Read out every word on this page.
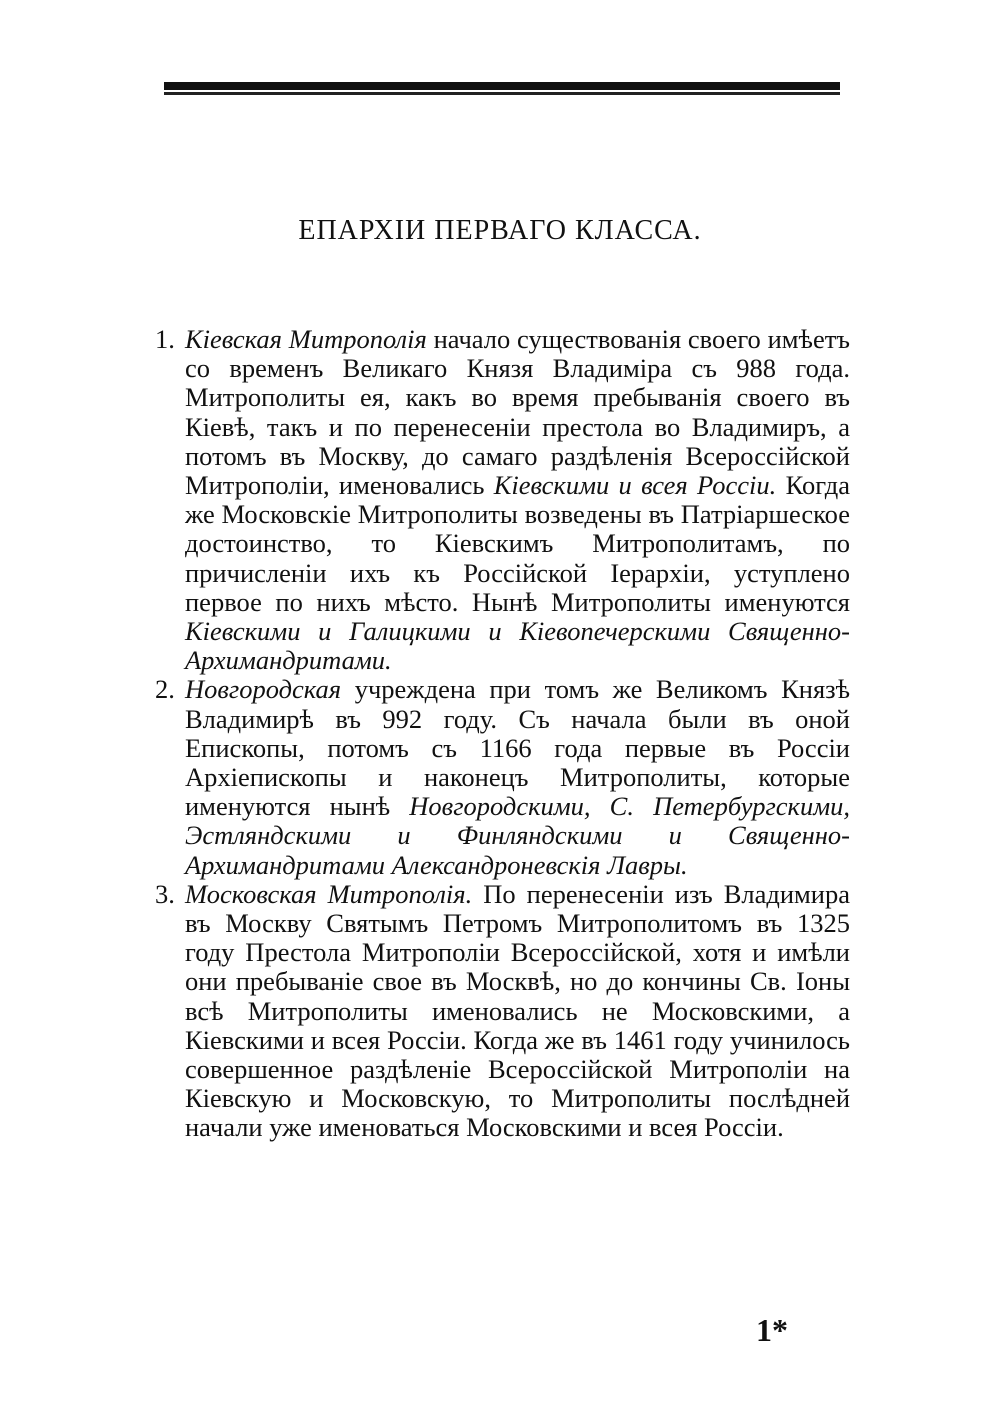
ЕПАРХІИ ПЕРВАГО КЛАССА.
1. Кiевская Митрополiя начало существованiя своего имѣетъ со временъ Великаго Князя Владимiра съ 988 года. Митрополиты ея, какъ во время пребыванiя своего въ Кiевѣ, такъ и по перенесенiи престола во Владимиръ, а потомъ въ Москву, до самаго раздѣленiя Всероссiйской Митрополiи, именовались Кiевскими и всея Россiи. Когда же Московскiе Митрополиты возведены въ Патрiаршеское достоинство, то Кiевскимъ Митрополитамъ, по причисленiи ихъ къ Россiйской Iерархiи, уступлено первое по нихъ мѣсто. Нынѣ Митрополиты именуются Кiевскими и Галицкими и Кiевопечерскими Священно-Архимандритами.
2. Новгородская учреждена при томъ же Великомъ Князѣ Владимирѣ въ 992 году. Съ начала были въ оной Епископы, потомъ съ 1166 года первые въ Россiи Архiепископы и наконецъ Митрополиты, которые именуются нынѣ Новгородскими, С. Петербургскими, Эстляндскими и Финляндскими и Священно-Архимандритами Александроневскiя Лавры.
3. Московская Митрополiя. По перенесенiи изъ Владимира въ Москву Святымъ Петромъ Митрополитомъ въ 1325 году Престола Митрополiи Всероссiйской, хотя и имѣли они пребыванiе свое въ Москвѣ, но до кончины Св. Iоны всѣ Митрополиты именовались не Московскими, а Кiевскими и всея Россiи. Когда же въ 1461 году учинилось совершенное раздѣленiе Всероссiйской Митрополiи на Кiевскую и Московскую, то Митрополиты послѣдней начали уже именоваться Московскими и всея Россiи.
1*
